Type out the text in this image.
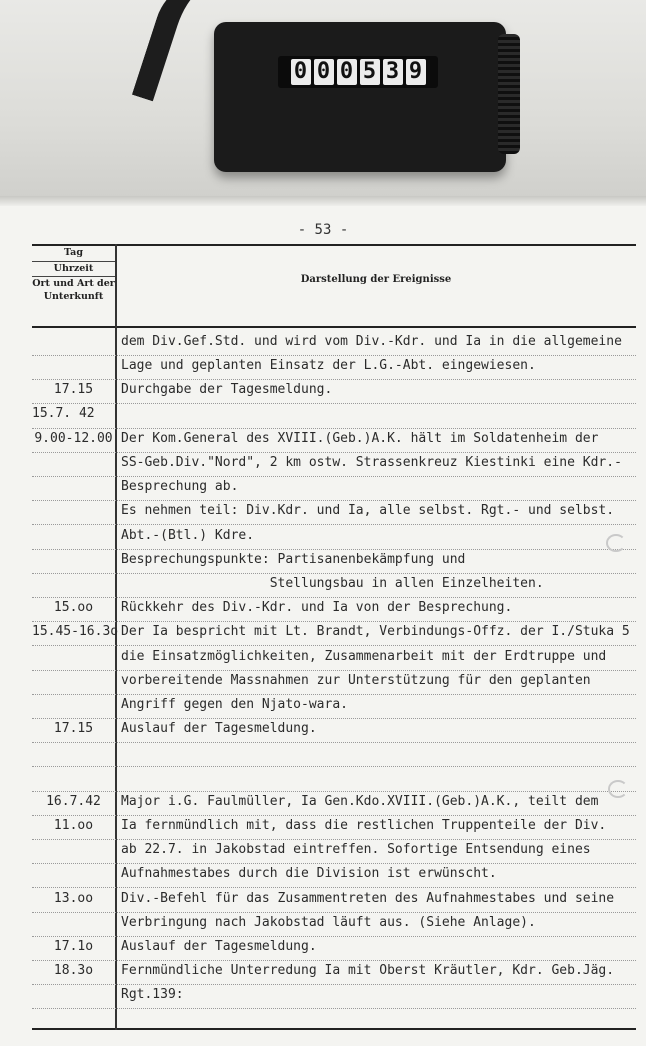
0 0 0 5 3 9
- 53 -
Tag
Uhrzeit
Ort und Art der Unterkunft
Darstellung der Ereignisse
dem Div.Gef.Std. und wird vom Div.-Kdr. und Ia in die allgemeine
Lage und geplanten Einsatz der L.G.-Abt. eingewiesen.
17.15	Durchgabe der Tagesmeldung.
15.7. 42
9.00-12.00 Der Kom.General des XVIII.(Geb.)A.K. hält im Soldatenheim der
SS-Geb.Div."Nord", 2 km ostw. Strassenkreuz Kiestinki eine Kdr.-
Besprechung ab.
Es nehmen teil: Div.Kdr. und Ia, alle selbst. Rgt.- und selbst.
Abt.-(Btl.) Kdre.
Besprechungspunkte: Partisanenbekämpfung und
Stellungsbau in allen Einzelheiten.
15.oo	Rückkehr des Div.-Kdr. und Ia von der Besprechung.
15.45-16.3o Der Ia bespricht mit Lt. Brandt, Verbindungs-Offz. der I./Stuka 5
die Einsatzmöglichkeiten, Zusammenarbeit mit der Erdtruppe und
vorbereitende Massnahmen zur Unterstützung für den geplanten
Angriff gegen den Njato-wara.
17.15	Auslauf der Tagesmeldung.
16.7.42	Major i.G. Faulmüller, Ia Gen.Kdo.XVIII.(Geb.)A.K., teilt dem
11.oo	Ia fernmündlich mit, dass die restlichen Truppenteile der Div.
ab 22.7. in Jakobstad eintreffen. Sofortige Entsendung eines
Aufnahmestabes durch die Division ist erwünscht.
13.oo	Div.-Befehl für das Zusammentreten des Aufnahmestabes und seine
Verbringung nach Jakobstad läuft aus. (Siehe Anlage).
17.1o	Auslauf der Tagesmeldung.
18.3o	Fernmündliche Unterredung Ia mit Oberst Kräutler, Kdr. Geb.Jäg.
Rgt.139:
